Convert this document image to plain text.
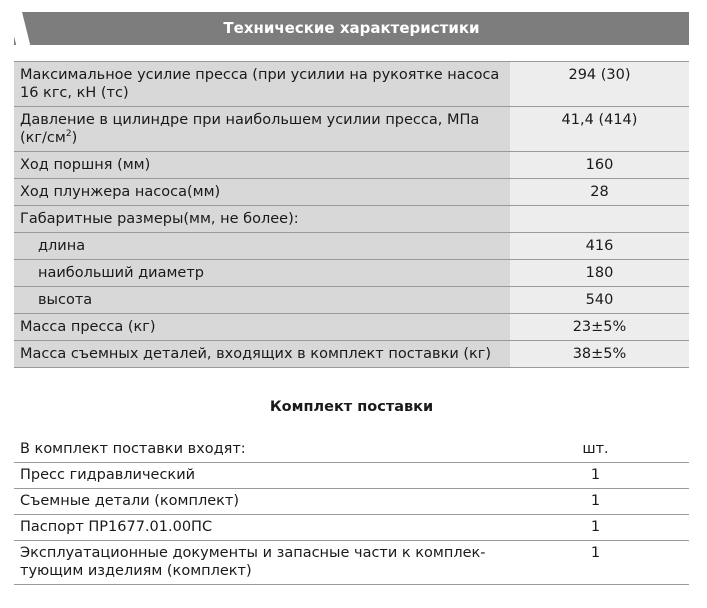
Технические характеристики
Максимальное усилие пресса (при усилии на рукоятке насоса 16 кгс, кН (тс)	294 (30)
Давление в цилиндре при наибольшем усилии пресса, МПа $(кг/см^2)$	41,4 (414)
Ход поршня (мм)	160
Ход плунжера насоса(мм)	28
Габаритные размеры(мм, не более):	
длина	416
наибольший диаметр	180
высота	540
Масса пресса (кг)	23±5%
Масса съемных деталей, входящих в комплект поставки (кг)	38±5%
Комплект поставки
В комплект поставки входят:	шт.
Пресс гидравлический	1
Съемные детали (комплект)	1
Паспорт ПР1677.01.00ПС	1
Эксплуатационные документы и запасные части к комплек-тующим изделиям (комплект)	1
